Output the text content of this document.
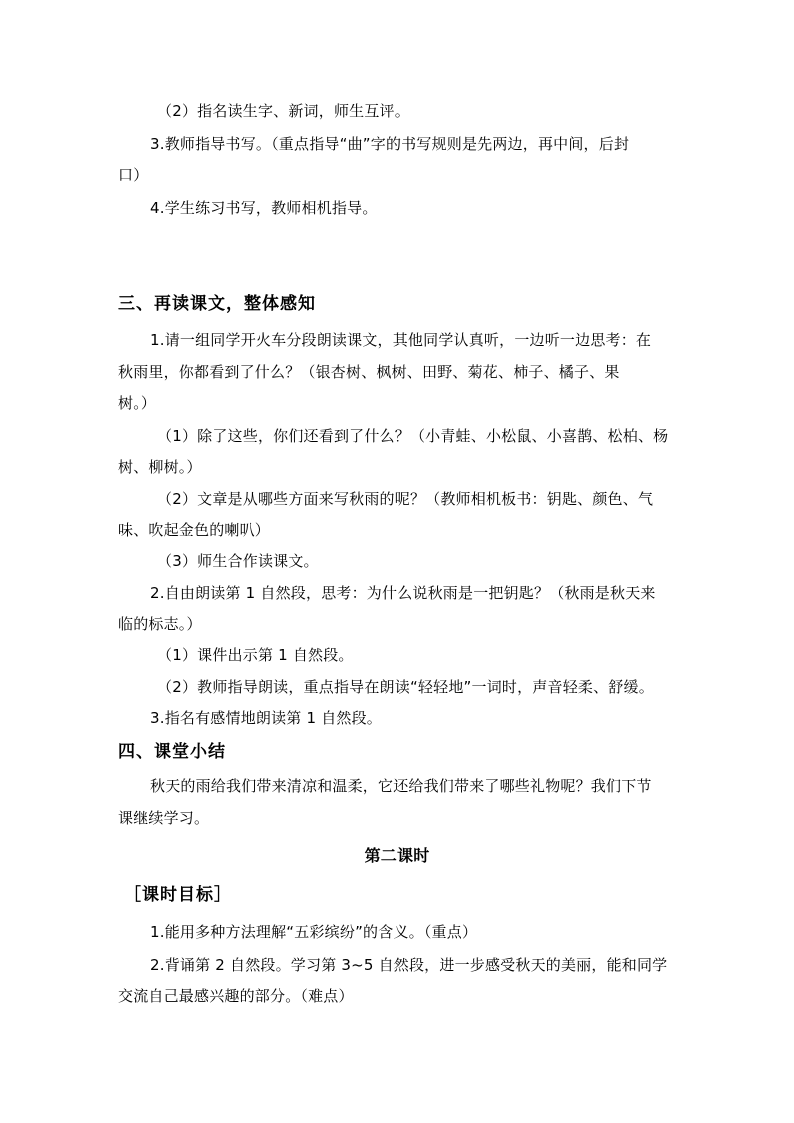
（2）指名读生字、新词，师生互评。
3.教师指导书写。（重点指导“曲”字的书写规则是先两边，再中间，后封
口）
4.学生练习书写，教师相机指导。
三、再读课文，整体感知
1.请一组同学开火车分段朗读课文，其他同学认真听，一边听一边思考：在
秋雨里，你都看到了什么？（银杏树、枫树、田野、菊花、柿子、橘子、果
树。）
（1）除了这些，你们还看到了什么？（小青蛙、小松鼠、小喜鹊、松柏、杨
树、柳树。）
（2）文章是从哪些方面来写秋雨的呢？（教师相机板书：钥匙、颜色、气
味、吹起金色的喇叭）
（3）师生合作读课文。
2.自由朗读第 1 自然段，思考：为什么说秋雨是一把钥匙？（秋雨是秋天来
临的标志。）
（1）课件出示第 1 自然段。
（2）教师指导朗读，重点指导在朗读“轻轻地”一词时，声音轻柔、舒缓。
3.指名有感情地朗读第 1 自然段。
四、课堂小结
秋天的雨给我们带来清凉和温柔，它还给我们带来了哪些礼物呢？我们下节
课继续学习。
第二课时
［课时目标］
1.能用多种方法理解“五彩缤纷”的含义。（重点）
2.背诵第 2 自然段。学习第 3~5 自然段，进一步感受秋天的美丽，能和同学
交流自己最感兴趣的部分。（难点）
